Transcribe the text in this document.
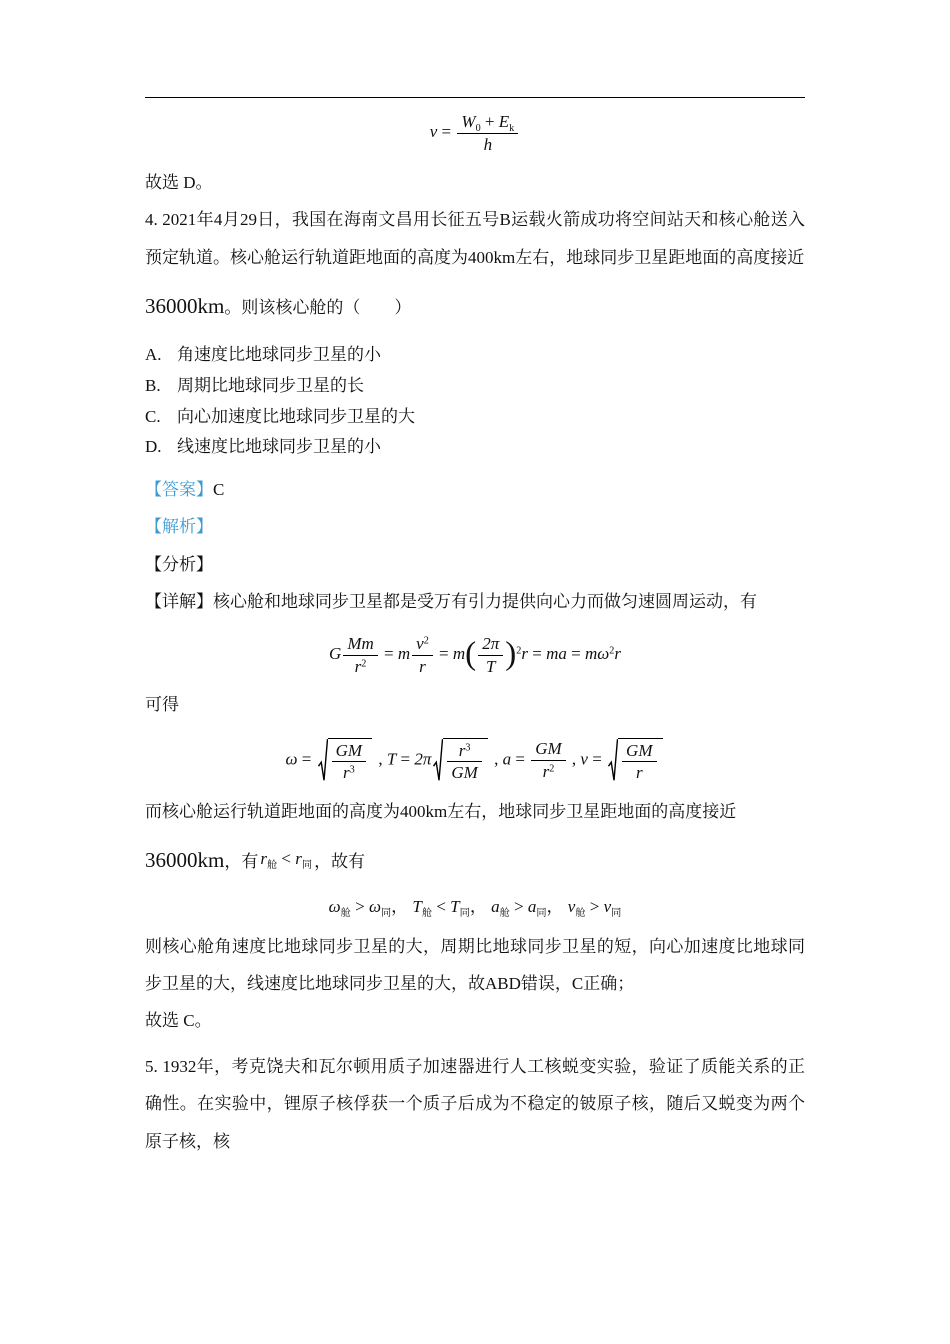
$v = \frac{W_0 + E_k}{h}$

故选 D。

4. 2021年4月29日，我国在海南文昌用长征五号B运载火箭成功将空间站天和核心舱送入 预定轨道。核心舱运行轨道距地面的高度为400km左右，地球同步卫星距地面的高度接近

36000km。则该核心舱的（　　）

A. 角速度比地球同步卫星的小
B. 周期比地球同步卫星的长
C. 向心加速度比地球同步卫星的大
D. 线速度比地球同步卫星的小

【答案】C

【解析】

【分析】

【详解】核心舱和地球同步卫星都是受万有引力提供向心力而做匀速圆周运动，有

G $\frac{Mm}{r^2} = m \frac{v^2}{r} = m( \frac{2\pi}{T} )^2r$ = ma = $m\omega^2r$

可得

$\omega = \frac{GM}{r^3}$ , $T = 2\pi \frac{r^3}{GM}$ , $a = \frac{GM}{r^2}$ , $v = \frac{GM}{r}$

而核心舱运行轨道距地面的高度为400km左右，地球同步卫星距地面的高度接近

36000km，有 $r_舱 < r_同$ ，故有

$\omega_舱 > \omega_同$， $T_舱 < T_同$， $a_舱 > a_同$， $v_舱 > v_同$

则核心舱角速度比地球同步卫星的大，周期比地球同步卫星的短，向心加速度比地球同步卫星的大，线速度比地球同步卫星的大，故ABD错误，C正确；

故选 C。

5. 1932年，考克饶夫和瓦尔顿用质子加速器进行人工核蜕变实验，验证了质能关系的正确性。在实验中，锂原子核俘获一个质子后成为不稳定的铍原子核，随后又蜕变为两个原子核，核
